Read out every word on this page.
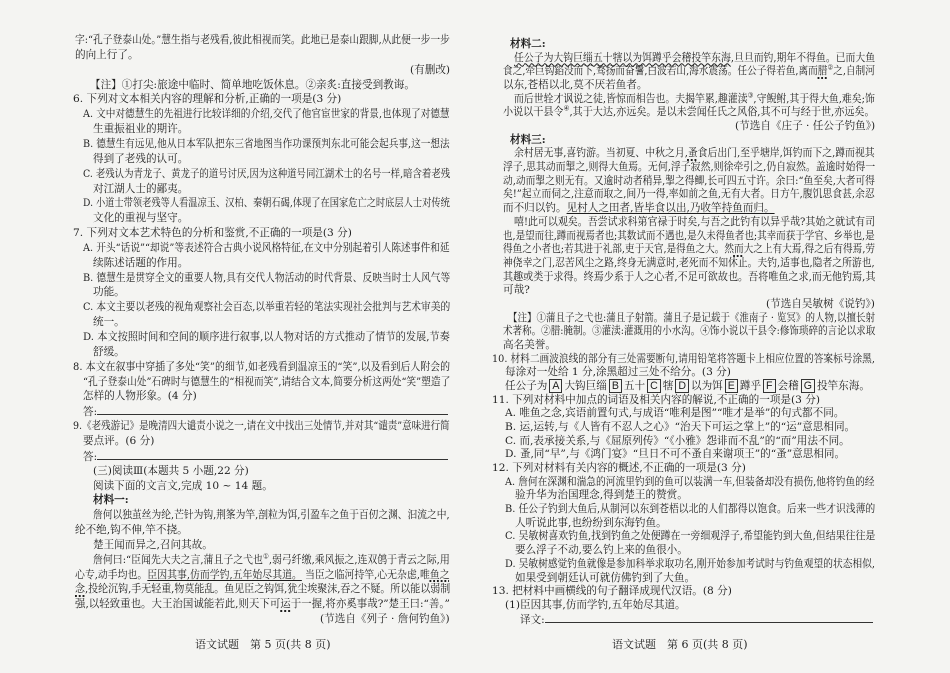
字:“孔子登泰山处。”慧生指与老残看,彼此相视而笑。此地已是泰山跟脚,从此便一步一步
的向上行了。
(有删改)
【注】①打尖:旅途中临时、简单地吃饭休息。②亲炙:直接受到教诲。
6. 下列对文本相关内容的理解和分析,正确的一项是(3 分)
A. 文中对德慧生的先祖进行比较详细的介绍,交代了他官宦世家的背景,也体现了对德慧
生重振祖业的期许。
B. 德慧生有远见,他从日本军队把东三省地图当作功课预判东北可能会起兵事,这一想法
得到了老残的认可。
C. 老残认为青龙子、黄龙子的道号讨厌,因为这种道号同江湖术士的名号一样,暗含着老残
对江湖人士的鄙夷。
D. 小道士带领老残等人看温凉玉、汉柏、秦朝石碣,体现了在国家危亡之时底层人士对传统
文化的重视与坚守。
7. 下列对文本艺术特色的分析和鉴赏,不正确的一项是(3 分)
A. 开头“话说”“却说”等表述符合古典小说风格特征,在文中分别起着引人陈述事件和延
续陈述话题的作用。
B. 德慧生是贯穿全文的重要人物,具有交代人物活动的时代背景、反映当时士人风气等
功能。
C. 本文主要以老残的视角观察社会百态,以举重若轻的笔法实现社会批判与艺术审美的
统一。
D. 本文按照时间和空间的顺序进行叙事,以人物对话的方式推动了情节的发展,节奏
舒缓。
8. 本文在叙事中穿插了多处“笑”的细节,如老残看到温凉玉的“笑”,以及看到后人附会的
“孔子登泰山处”石碑时与德慧生的“相视而笑”,请结合文本,简要分析这两处“笑”塑造了
怎样的人物形象。(4 分)
答:
9.《老残游记》是晚清四大谴责小说之一,请在文中找出三处情节,并对其“谴责”意味进行简
要点评。(6 分)
答:
(三)阅读Ⅲ(本题共 5 小题,22 分)
阅读下面的文言文,完成 10 ~ 14 题。
材料一:
詹何以独茧丝为纶,芒针为钩,荆筿为竿,剖粒为饵,引盈车之鱼于百仞之渊、汩流之中,
纶不绝,钩不伸,竿不挠。
楚王闻而异之,召问其故。
詹何曰:“臣闻先大夫之言,蒲且子之弋也①,弱弓纤缴,乘风振之,连双鸧于青云之际,用
心专,动手均也。臣因其事,仿而学钓,五年始尽其道。 当臣之临河持竿,心无杂虑,唯鱼之
念,投纶沉钩,手无轻重,物莫能乱。鱼见臣之钩饵,犹尘埃聚沫,吞之不疑。所以能以弱制
强,以轻致重也。大王治国诚能若此,则天下可运于一握,将亦奚事哉?”楚王曰:“善。”
(节选自《列子 · 詹何钓鱼》)
语文试题　第 5 页(共 8 页)
材料二:
任公子为大钩巨缁五十犗以为饵蹲乎会稽投竿东海,旦旦而钓,期年不得鱼。已而大鱼
食之,牵巨钩錎没而下,骛扬而奋鬐,白波若山,海水震荡。任公子得若鱼,离而腊②之,自制河
以东,苍梧以北,莫不厌若鱼者。
而后世辁才讽说之徒,皆惊而相告也。夫揭竿累,趣灌渎③,守鲵鲋,其于得大鱼,难矣;饰
小说以干县令④,其于大达,亦远矣。是以未尝闻任氏之风俗,其不可与经于世,亦远矣。
(节选自《庄子 · 任公子钓鱼》)
材料三:
余村居无事,喜钓游。当初夏、中秋之月,蚤食后出门,至乎塘岸,饵钓而下之,蹲而视其
浮子,思其动而掣之,则得大鱼焉。无何,浮子寂然,则徐牵引之,仍自寂然。盖逾时始得一
动,动而掣之则无有。又逾时动者稍异,掣之得鲫,长可四五寸许。余曰:“鱼至矣,大者可得
矣!”起立而伺之,注意而取之,间乃一得,率如前之鱼,无有大者。日方午,腹饥思食甚,余忍
而不归以钓。见村人之田者,皆毕食以出,乃收竿持鱼而归。
嘻!此可以观矣。吾尝试求科第官禄于时矣,与吾之此钓有以异乎哉?其始之就试有司
也,是望而往,蹲而视焉者也;其数试而不遇也,是久未得鱼者也;其幸而获于学官、乡举也,是
得鱼之小者也;若其进于礼部,吏于天官,是得鱼之大。然而大之上有大焉,得之后有得焉,劳
神侥幸之门,忍苦风尘之路,终身无满意时,老死而不知休止。夫钓,适事也,隐者之所游也,
其趣或类于求得。终焉少系于人之心者,不足可欲故也。吾将唯鱼之求,而无他钓焉,其
可哉?
(节选自吴敏树《说钓》)
【注】①蒲且子之弋也:蒲且子射箭。蒲且子是记载于《淮南子 · 览冥》的人物,以擅长射
术著称。②腊:腌制。③灌渎:灌溉用的小水沟。④饰小说以干县令:修饰琐碎的言论以求取
高名美誉。
10. 材料二画波浪线的部分有三处需要断句,请用铅笔将答题卡上相应位置的答案标号涂黑,
每涂对一处给 1 分,涂黑超过三处不给分。(3 分)
任公子为 A 大钩巨缁 B 五十 C 犗 D 以为饵 E 蹲乎 F 会稽 G 投竿东海。
11. 下列对材料中加点的词语及相关内容的解说,不正确的一项是(3 分)
A. 唯鱼之念,宾语前置句式,与成语“唯利是图”“唯才是举”的句式都不同。
B. 运,运转,与《人皆有不忍人之心》“治天下可运之掌上”的“运”意思相同。
C. 而,表承接关系,与《屈原列传》“《小雅》怨诽而不乱”的“而”用法不同。
D. 蚤,同“早”,与《鸿门宴》“旦日不可不蚤自来谢项王”的“蚤”意思相同。
12. 下列对材料有关内容的概述,不正确的一项是(3 分)
A. 詹何在深渊和湍急的河流里钓到的鱼可以装满一车,但装备却没有损伤,他将钓鱼的经
验升华为治国理念,得到楚王的赞赏。
B. 任公子钓到大鱼后,从制河以东到苍梧以北的人们都得以饱食。后来一些才识浅薄的
人听说此事,也纷纷到东海钓鱼。
C. 吴敏树喜欢钓鱼,找到钓鱼之处便蹲在一旁细观浮子,希望能钓到大鱼,但结果往往是
要么浮子不动,要么钓上来的鱼很小。
D. 吴敏树感觉钓鱼就像是参加科举求取功名,刚开始参加考试时与钓鱼观望的状态相似,
如果受到朝廷认可就仿佛钓到了大鱼。
13. 把材料中画横线的句子翻译成现代汉语。(8 分)
(1)臣因其事,仿而学钓,五年始尽其道。
译文:
语文试题　第 6 页(共 8 页)
